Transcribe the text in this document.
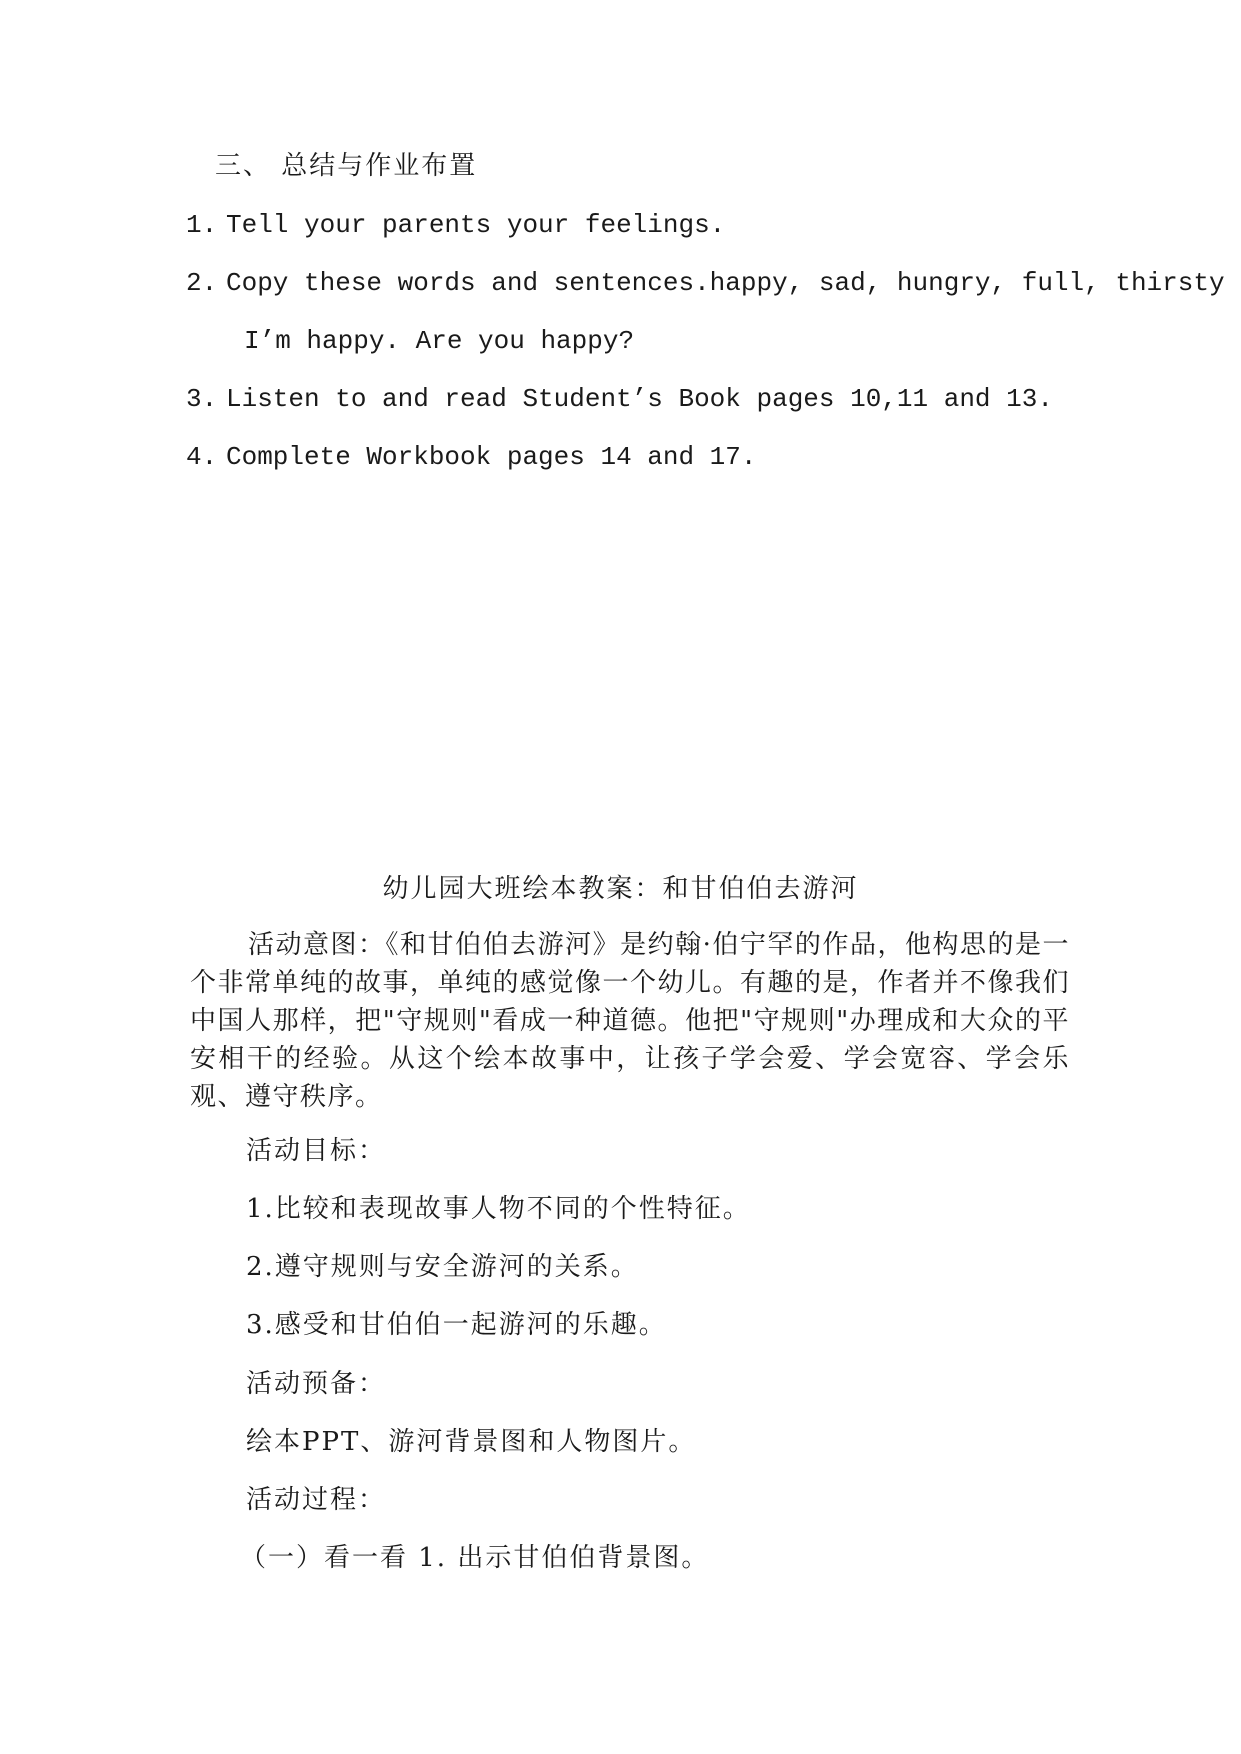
三、 总结与作业布置
1. Tell your parents your feelings.
2. Copy these words and sentences.happy, sad, hungry, full, thirsty
I’m happy. Are you happy?
3. Listen to and read Student’s Book pages 10,11 and 13.
4. Complete Workbook pages 14 and 17.
幼儿园大班绘本教案：和甘伯伯去游河
活动意图：《和甘伯伯去游河》是约翰·伯宁罕的作品，他构思的是一个非常单纯的故事，单纯的感觉像一个幼儿。有趣的是，作者并不像我们中国人那样，把"守规则"看成一种道德。他把"守规则"办理成和大众的平安相干的经验。从这个绘本故事中，让孩子学会爱、学会宽容、学会乐观、遵守秩序。
活动目标：
1.比较和表现故事人物不同的个性特征。
2.遵守规则与安全游河的关系。
3.感受和甘伯伯一起游河的乐趣。
活动预备：
绘本PPT、游河背景图和人物图片。
活动过程：
（一）看一看 1. 出示甘伯伯背景图。
